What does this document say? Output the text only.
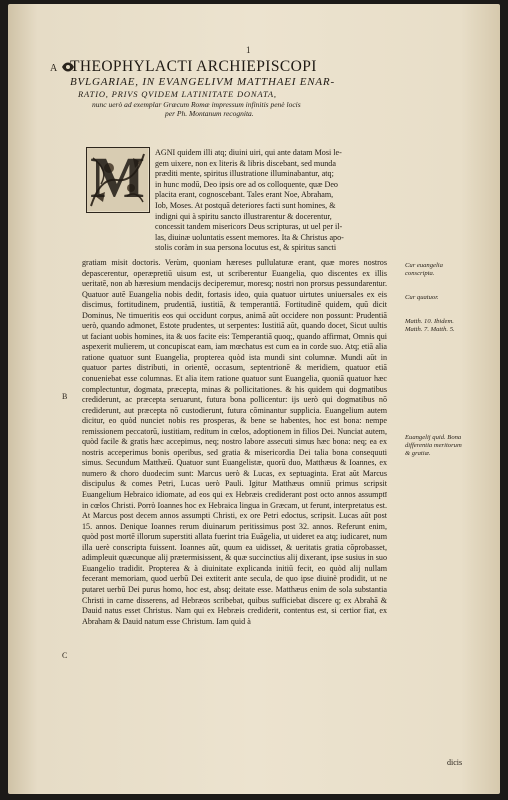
1
A THEOPHYLACTI ARCHIEPISCOPI
BVLGARIAE, IN EVANGELIVM MATTHAEI ENAR-
RATIO, PRIVS QVIDEM LATINITATE DONATA,
nunc uerò ad exemplar Græcum Romæ impressum infinitis penè locis
per Ph. Montanum recognita.
M	AGNI quidem illi atq; diuini uiri, qui ante datam Mosi le-
gem uixere, non ex literis & libris discebant, sed munda
præditi mente, spiritus illustratione illuminabantur, atq;
in hunc modū, Deo ipsis ore ad os colloquente, quæ Deo
placita erant, cognoscebant. Tales erant Noe, Abraham,
Iob, Moses. At postquā deteriores facti sunt homines, &
indigni qui à spiritu sancto illustrarentur & docerentur,
concessit tandem misericors Deus scripturas, ut uel per il-
las, diuinæ uoluntatis essent memores. Ita & Christus apo-
stolis coràm in sua persona locutus est, & spiritus sancti
gratiam misit doctoris. Verùm, quoniam hæreses pullulaturæ erant, quæ mores nostros depascerentur, operæpretiū uisum est, ut scriberentur Euangelia, quo discentes ex illis ueritatē, non ab hæresium mendacijs deciperemur, moresq; nostri non prorsus pessundarentur. Quatuor autē Euangelia nobis dedit, fortasis ideo, quia quatuor uirtutes uniuersales ex eis discimus, fortitudinem, prudentiā, iustitiā, & temperantiā. Fortitudinē quidem, quū dicit Dominus, Ne timueritis eos qui occidunt corpus, animā aūt occidere non possunt: Prudentiā uerò, quando admonet, Estote prudentes, ut serpentes: Iustitiā aūt, quando docet, Sicut uultis ut faciant uobis homines, ita & uos facite eis: Temperantiā quoq;, quando affirmat, Omnis qui aspexerit mulierem, ut concupiscat eam, iam mœchatus est cum ea in corde suo. Atq; etiā alia ratione quatuor sunt Euangelia, propterea quòd ista mundi sint columnæ. Mundi aūt in quatuor partes distributi, in orientē, occasum, septentrionē & meridiem, quatuor etiā conueniebat esse columnas. Et alia item ratione quatuor sunt Euangelia, quoniā quatuor hæc complectuntur, dogmata, præcepta, minas & pollicitationes. & his quidem qui dogmatibus crediderunt, ac præcepta seruarunt, futura bona pollicentur: ijs uerò qui dogmatibus nō crediderunt, aut præcepta nō custodierunt, futura cōminantur supplicia. Euangelium autem dicitur, eo quòd nunciet nobis res prosperas, & bene se habentes, hoc est bona: nempe remissionem peccatorū, iustitiam, reditum in cœlos, adoptionem in filios Dei. Nunciat autem, quòd facile & gratis hæc accepimus, neq; nostro labore assecuti simus hæc bona: neq; ea ex nostris acceperimus bonis operibus, sed gratia & misericordia Dei talia bona consequuti simus. Secundum Matthæū. Quatuor sunt Euangelistæ, quorū duo, Matthæus & Ioannes, ex numero & choro duodecim sunt: Marcus uerò & Lucas, ex septuaginta. Erat aūt Marcus discipulus & comes Petri, Lucas uerò Pauli. Igitur Matthæus omniū primus scripsit Euangelium Hebraico idiomate, ad eos qui ex Hebræis crediderant post octo annos assumptī in cœlos Christi. Porrò Ioannes hoc ex Hebraica lingua in Græcam, ut ferunt, interpretatus est. At Marcus post decem annos assumpti Christi, ex ore Petri edoctus, scripsit. Lucas aūt post 15. annos. Denique Ioannes rerum diuinarum peritissimus post 32. annos. Referunt enim, quòd post mortē illorum superstiti allata fuerint tria Euāgelia, ut uideret ea atq; iudicaret, num illa uerè conscripta fuissent. Ioannes aūt, quum ea uidisset, & ueritatis gratia cōprobasset, adimpleuit quæcunque alij prætermisissent, & quæ succinctius alij dixerant, ipse susius in suo Euangelio tradidit. Propterea & à diuinitate explicanda initiū fecit, eo quòd alij nullam fecerant memoriam, quod uerbū Dei extiterit ante secula, de quo ipse diuinè prodidit, ut ne putaret uerbū Dei purus homo, hoc est, absq; deitate esse. Matthæus enim de sola substantia Christi in carne disserens, ad Hebræos scribebat, quibus sufficiebat discere q; ex Abrahā & Dauid natus esset Christus. Nam qui ex Hebræis crediderit, contentus est, si certior fiat, ex Abraham & Dauid natum esse Christum. Iam quid à
B
C
Cur euangelia conscripta.
Cur quatuor.
Matth. 10. Ibidem. Matth. 7. Matth. 5.
Euangelij quid. Bona differentia meritorum & gratiæ.
dicis
